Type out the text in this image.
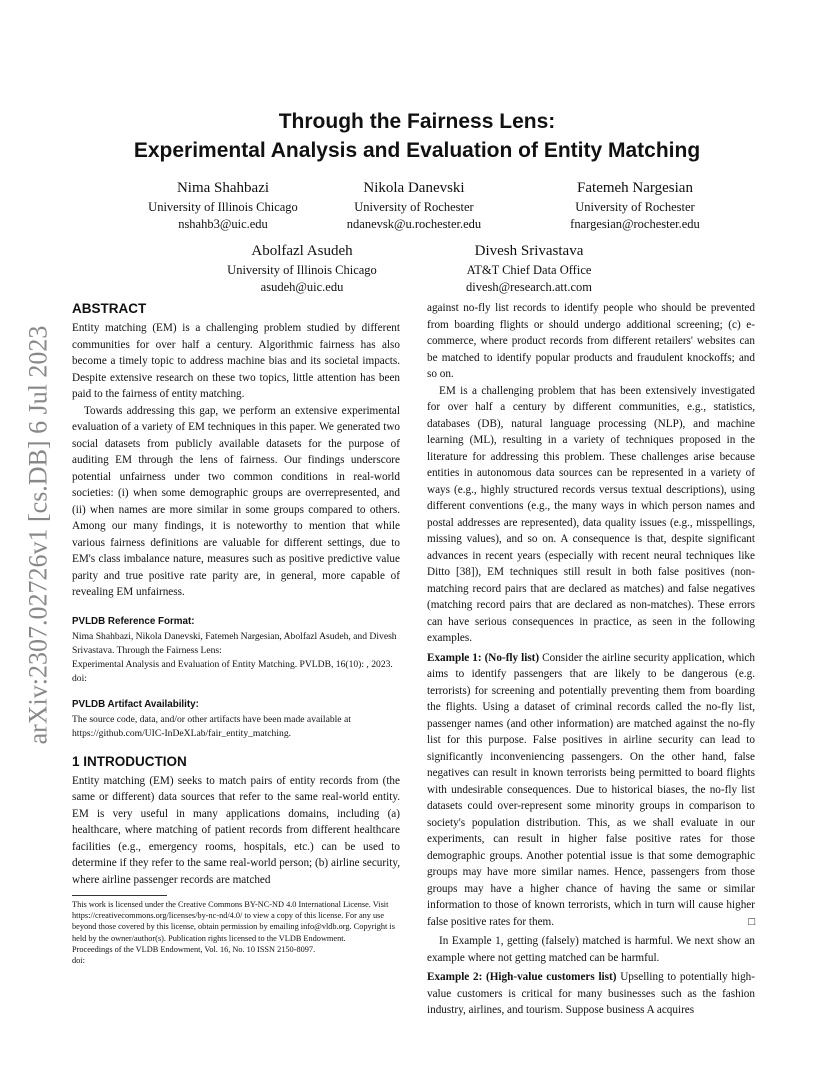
arXiv:2307.02726v1 [cs.DB] 6 Jul 2023
Through the Fairness Lens:
Experimental Analysis and Evaluation of Entity Matching
Nima Shahbazi
University of Illinois Chicago
nshahb3@uic.edu
Nikola Danevski
University of Rochester
ndanevsk@u.rochester.edu
Fatemeh Nargesian
University of Rochester
fnargesian@rochester.edu
Abolfazl Asudeh
University of Illinois Chicago
asudeh@uic.edu
Divesh Srivastava
AT&T Chief Data Office
divesh@research.att.com
ABSTRACT

Entity matching (EM) is a challenging problem studied by different communities for over half a century. Algorithmic fairness has also become a timely topic to address machine bias and its societal impacts. Despite extensive research on these two topics, little attention has been paid to the fairness of entity matching.

Towards addressing this gap, we perform an extensive experimental evaluation of a variety of EM techniques in this paper. We generated two social datasets from publicly available datasets for the purpose of auditing EM through the lens of fairness. Our findings underscore potential unfairness under two common conditions in real-world societies: (i) when some demographic groups are overrepresented, and (ii) when names are more similar in some groups compared to others. Among our many findings, it is noteworthy to mention that while various fairness definitions are valuable for different settings, due to EM's class imbalance nature, measures such as positive predictive value parity and true positive rate parity are, in general, more capable of revealing EM unfairness.

PVLDB Reference Format:
Nima Shahbazi, Nikola Danevski, Fatemeh Nargesian, Abolfazl Asudeh, and Divesh Srivastava. Through the Fairness Lens:
Experimental Analysis and Evaluation of Entity Matching. PVLDB, 16(10): , 2023.
doi:
PVLDB Artifact Availability:
The source code, data, and/or other artifacts have been made available at https://github.com/UIC-InDeXLab/fair_entity_matching.
1 INTRODUCTION

Entity matching (EM) seeks to match pairs of entity records from (the same or different) data sources that refer to the same real-world entity. EM is very useful in many applications domains, including (a) healthcare, where matching of patient records from different healthcare facilities (e.g., emergency rooms, hospitals, etc.) can be used to determine if they refer to the same real-world person; (b) airline security, where airline passenger records are matched

This work is licensed under the Creative Commons BY-NC-ND 4.0 International License. Visit https://creativecommons.org/licenses/by-nc-nd/4.0/ to view a copy of this license. For any use beyond those covered by this license, obtain permission by emailing info@vldb.org. Copyright is held by the owner/author(s). Publication rights licensed to the VLDB Endowment.
Proceedings of the VLDB Endowment, Vol. 16, No. 10 ISSN 2150-8097.
doi:

against no-fly list records to identify people who should be prevented from boarding flights or should undergo additional screening; (c) e-commerce, where product records from different retailers' websites can be matched to identify popular products and fraudulent knockoffs; and so on.

EM is a challenging problem that has been extensively investigated for over half a century by different communities, e.g., statistics, databases (DB), natural language processing (NLP), and machine learning (ML), resulting in a variety of techniques proposed in the literature for addressing this problem. These challenges arise because entities in autonomous data sources can be represented in a variety of ways (e.g., highly structured records versus textual descriptions), using different conventions (e.g., the many ways in which person names and postal addresses are represented), data quality issues (e.g., misspellings, missing values), and so on. A consequence is that, despite significant advances in recent years (especially with recent neural techniques like Ditto [38]), EM techniques still result in both false positives (non-matching record pairs that are declared as matches) and false negatives (matching record pairs that are declared as non-matches). These errors can have serious consequences in practice, as seen in the following examples.

Example 1: (No-fly list) Consider the airline security application, which aims to identify passengers that are likely to be dangerous (e.g. terrorists) for screening and potentially preventing them from boarding the flights. Using a dataset of criminal records called the no-fly list, passenger names (and other information) are matched against the no-fly list for this purpose. False positives in airline security can lead to significantly inconveniencing passengers. On the other hand, false negatives can result in known terrorists being permitted to board flights with undesirable consequences. Due to historical biases, the no-fly list datasets could over-represent some minority groups in comparison to society's population distribution. This, as we shall evaluate in our experiments, can result in higher false positive rates for those demographic groups. Another potential issue is that some demographic groups may have more similar names. Hence, passengers from those groups may have a higher chance of having the same or similar information to those of known terrorists, which in turn will cause higher false positive rates for them.	□

In Example 1, getting (falsely) matched is harmful. We next show an example where not getting matched can be harmful.

Example 2: (High-value customers list) Upselling to potentially high-value customers is critical for many businesses such as the fashion industry, airlines, and tourism. Suppose business A acquires
